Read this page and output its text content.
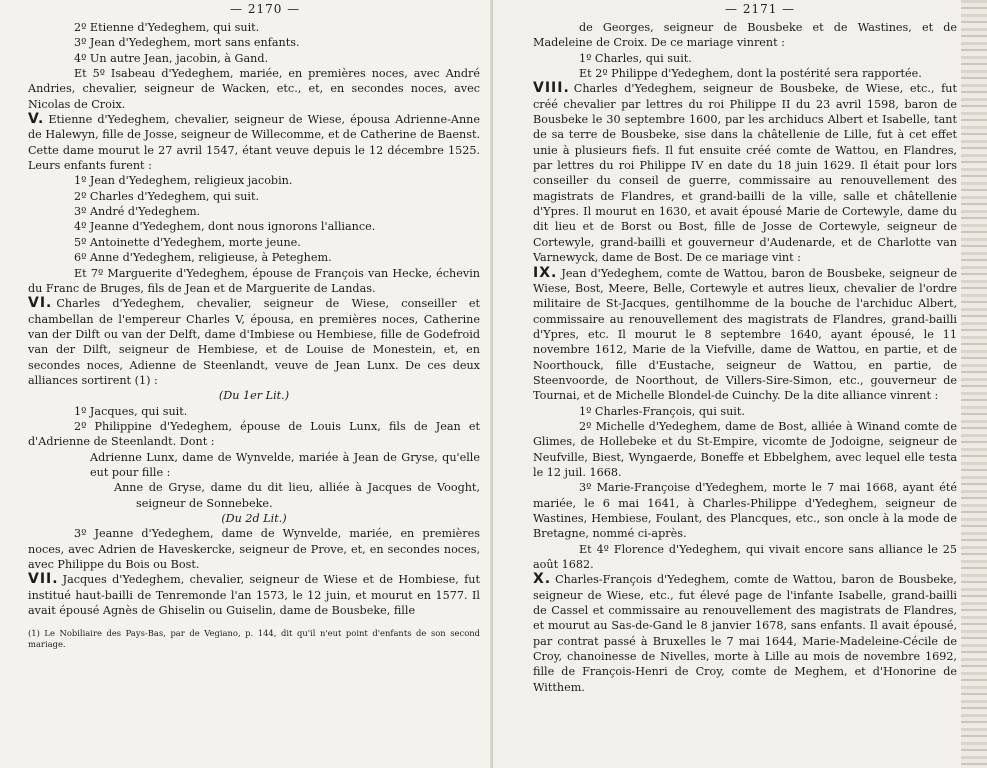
— 2170 —

2º Etienne d'Yedeghem, qui suit.

3º Jean d'Yedeghem, mort sans enfants.

4º Un autre Jean, jacobin, à Gand.

Et 5º Isabeau d'Yedeghem, mariée, en premières noces, avec André Andries, chevalier, seigneur de Wacken, etc., et, en secondes noces, avec Nicolas de Croix.

V. Etienne d'Yedeghem, chevalier, seigneur de Wiese, épousa Adrienne-Anne de Halewyn, fille de Josse, seigneur de Willecomme, et de Catherine de Baenst. Cette dame mourut le 27 avril 1547, étant veuve depuis le 12 décembre 1525. Leurs enfants furent :

1º Jean d'Yedeghem, religieux jacobin.

2º Charles d'Yedeghem, qui suit.

3º André d'Yedeghem.

4º Jeanne d'Yedeghem, dont nous ignorons l'alliance.

5º Antoinette d'Yedeghem, morte jeune.

6º Anne d'Yedeghem, religieuse, à Peteghem.

Et 7º Marguerite d'Yedeghem, épouse de François van Hecke, échevin du Franc de Bruges, fils de Jean et de Marguerite de Landas.

VI. Charles d'Yedeghem, chevalier, seigneur de Wiese, conseiller et chambellan de l'empereur Charles V, épousa, en premières noces, Catherine van der Dilft ou van der Delft, dame d'Imbiese ou Hembiese, fille de Godefroid van der Dilft, seigneur de Hembiese, et de Louise de Monestein, et, en secondes noces, Adienne de Steenlandt, veuve de Jean Lunx. De ces deux alliances sortirent (1) :

(Du 1er Lit.)

1º Jacques, qui suit.

2º Philippine d'Yedeghem, épouse de Louis Lunx, fils de Jean et d'Adrienne de Steenlandt. Dont :

Adrienne Lunx, dame de Wynvelde, mariée à Jean de Gryse, qu'elle eut pour fille :

Anne de Gryse, dame du dit lieu, alliée à Jacques de Vooght, seigneur de Sonnebeke.

(Du 2d Lit.)

3º Jeanne d'Yedeghem, dame de Wynvelde, mariée, en premières noces, avec Adrien de Haveskercke, seigneur de Prove, et, en secondes noces, avec Philippe du Bois ou Bost.

VII. Jacques d'Yedeghem, chevalier, seigneur de Wiese et de Hombiese, fut institué haut-bailli de Tenremonde l'an 1573, le 12 juin, et mourut en 1577. Il avait épousé Agnès de Ghiselin ou Guiselin, dame de Bousbeke, fille

(1) Le Nobiliaire des Pays-Bas, par de Vegiano, p. 144, dit qu'il n'eut point d'enfants de son second mariage.

— 2171 —

de Georges, seigneur de Bousbeke et de Wastines, et de Madeleine de Croix. De ce mariage vinrent :

1º Charles, qui suit.

Et 2º Philippe d'Yedeghem, dont la postérité sera rapportée.

VIII. Charles d'Yedeghem, seigneur de Bousbeke, de Wiese, etc., fut créé chevalier par lettres du roi Philippe II du 23 avril 1598, baron de Bousbeke le 30 septembre 1600, par les archiducs Albert et Isabelle, tant de sa terre de Bousbeke, sise dans la châtellenie de Lille, fut à cet effet unie à plusieurs fiefs. Il fut ensuite créé comte de Wattou, en Flandres, par lettres du roi Philippe IV en date du 18 juin 1629. Il était pour lors conseiller du conseil de guerre, commissaire au renouvellement des magistrats de Flandres, et grand-bailli de la ville, salle et châtellenie d'Ypres. Il mourut en 1630, et avait épousé Marie de Cortewyle, dame du dit lieu et de Borst ou Bost, fille de Josse de Cortewyle, seigneur de Cortewyle, grand-bailli et gouverneur d'Audenarde, et de Charlotte van Varnewyck, dame de Bost. De ce mariage vint :

IX. Jean d'Yedeghem, comte de Wattou, baron de Bousbeke, seigneur de Wiese, Bost, Meere, Belle, Cortewyle et autres lieux, chevalier de l'ordre militaire de St-Jacques, gentilhomme de la bouche de l'archiduc Albert, commissaire au renouvellement des magistrats de Flandres, grand-bailli d'Ypres, etc. Il mourut le 8 septembre 1640, ayant épousé, le 11 novembre 1612, Marie de la Viefville, dame de Wattou, en partie, et de Noorthouck, fille d'Eustache, seigneur de Wattou, en partie, de Steenvoorde, de Noorthout, de Villers-Sire-Simon, etc., gouverneur de Tournai, et de Michelle Blondel-de Cuinchy. De la dite alliance vinrent :

1º Charles-François, qui suit.

2º Michelle d'Yedeghem, dame de Bost, alliée à Winand comte de Glimes, de Hollebeke et du St-Empire, vicomte de Jodoigne, seigneur de Neufville, Biest, Wyngaerde, Boneffe et Ebbelghem, avec lequel elle testa le 12 juil. 1668.

3º Marie-Françoise d'Yedeghem, morte le 7 mai 1668, ayant été mariée, le 6 mai 1641, à Charles-Philippe d'Yedeghem, seigneur de Wastines, Hembiese, Foulant, des Plancques, etc., son oncle à la mode de Bretagne, nommé ci-après.

Et 4º Florence d'Yedeghem, qui vivait encore sans alliance le 25 août 1682.

X. Charles-François d'Yedeghem, comte de Wattou, baron de Bousbeke, seigneur de Wiese, etc., fut élevé page de l'infante Isabelle, grand-bailli de Cassel et commissaire au renouvellement des magistrats de Flandres, et mourut au Sas-de-Gand le 8 janvier 1678, sans enfants. Il avait épousé, par contrat passé à Bruxelles le 7 mai 1644, Marie-Madeleine-Cécile de Croy, chanoinesse de Nivelles, morte à Lille au mois de novembre 1692, fille de François-Henri de Croy, comte de Meghem, et d'Honorine de Witthem.
